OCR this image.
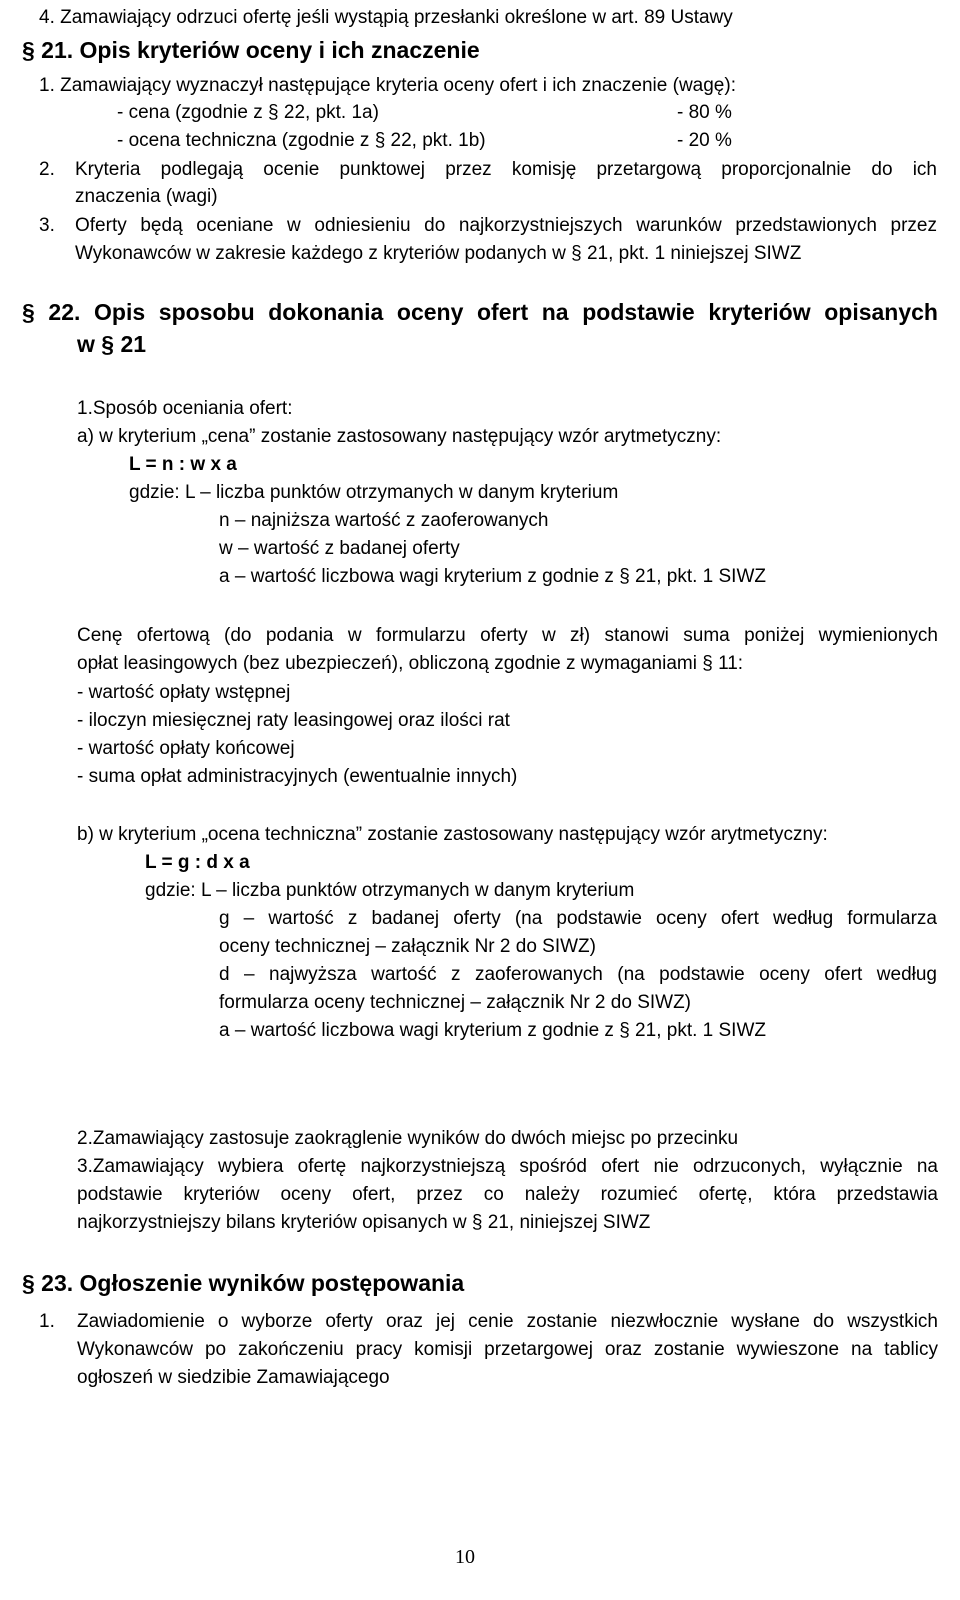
4. Zamawiający odrzuci ofertę jeśli wystąpią przesłanki określone w art. 89 Ustawy
§ 21. Opis kryteriów oceny i ich znaczenie
1. Zamawiający wyznaczył następujące kryteria oceny ofert i ich znaczenie (wagę):
- cena (zgodnie z § 22, pkt. 1a)	- 80 %
- ocena techniczna (zgodnie z § 22, pkt. 1b)	- 20 %
2. Kryteria podlegają ocenie punktowej przez komisję przetargową proporcjonalnie do ich
znaczenia (wagi)
3. Oferty będą oceniane w odniesieniu do najkorzystniejszych warunków przedstawionych przez
Wykonawców w zakresie każdego z kryteriów podanych w § 21, pkt. 1 niniejszej SIWZ
§ 22. Opis sposobu dokonania oceny ofert na podstawie kryteriów opisanych
w § 21
1.Sposób oceniania ofert:
a) w kryterium „cena” zostanie zastosowany następujący wzór arytmetyczny:
L = n : w x a
gdzie: L – liczba punktów otrzymanych w danym kryterium
n – najniższa wartość z zaoferowanych
w – wartość z badanej oferty
a – wartość liczbowa wagi kryterium z godnie z § 21, pkt. 1 SIWZ
Cenę ofertową (do podania w formularzu oferty w zł) stanowi suma poniżej wymienionych
opłat leasingowych (bez ubezpieczeń), obliczoną zgodnie z wymaganiami § 11:
- wartość opłaty wstępnej
- iloczyn miesięcznej raty leasingowej oraz ilości rat
- wartość opłaty końcowej
- suma opłat administracyjnych (ewentualnie innych)
b) w kryterium „ocena techniczna” zostanie zastosowany następujący wzór arytmetyczny:
L = g : d x a
gdzie: L – liczba punktów otrzymanych w danym kryterium
g – wartość z badanej oferty (na podstawie oceny ofert według formularza
oceny technicznej – załącznik Nr 2 do SIWZ)
d – najwyższa wartość z zaoferowanych (na podstawie oceny ofert według
formularza oceny technicznej – załącznik Nr 2 do SIWZ)
a – wartość liczbowa wagi kryterium z godnie z § 21, pkt. 1 SIWZ
2.Zamawiający zastosuje zaokrąglenie wyników do dwóch miejsc po przecinku
3.Zamawiający wybiera ofertę najkorzystniejszą spośród ofert nie odrzuconych, wyłącznie na
podstawie kryteriów oceny ofert, przez co należy rozumieć ofertę, która przedstawia
najkorzystniejszy bilans kryteriów opisanych w § 21, niniejszej SIWZ
§ 23. Ogłoszenie wyników postępowania
1. Zawiadomienie o wyborze oferty oraz jej cenie zostanie niezwłocznie wysłane do wszystkich
Wykonawców po zakończeniu pracy komisji przetargowej oraz zostanie wywieszone na tablicy
ogłoszeń w siedzibie Zamawiającego
10
